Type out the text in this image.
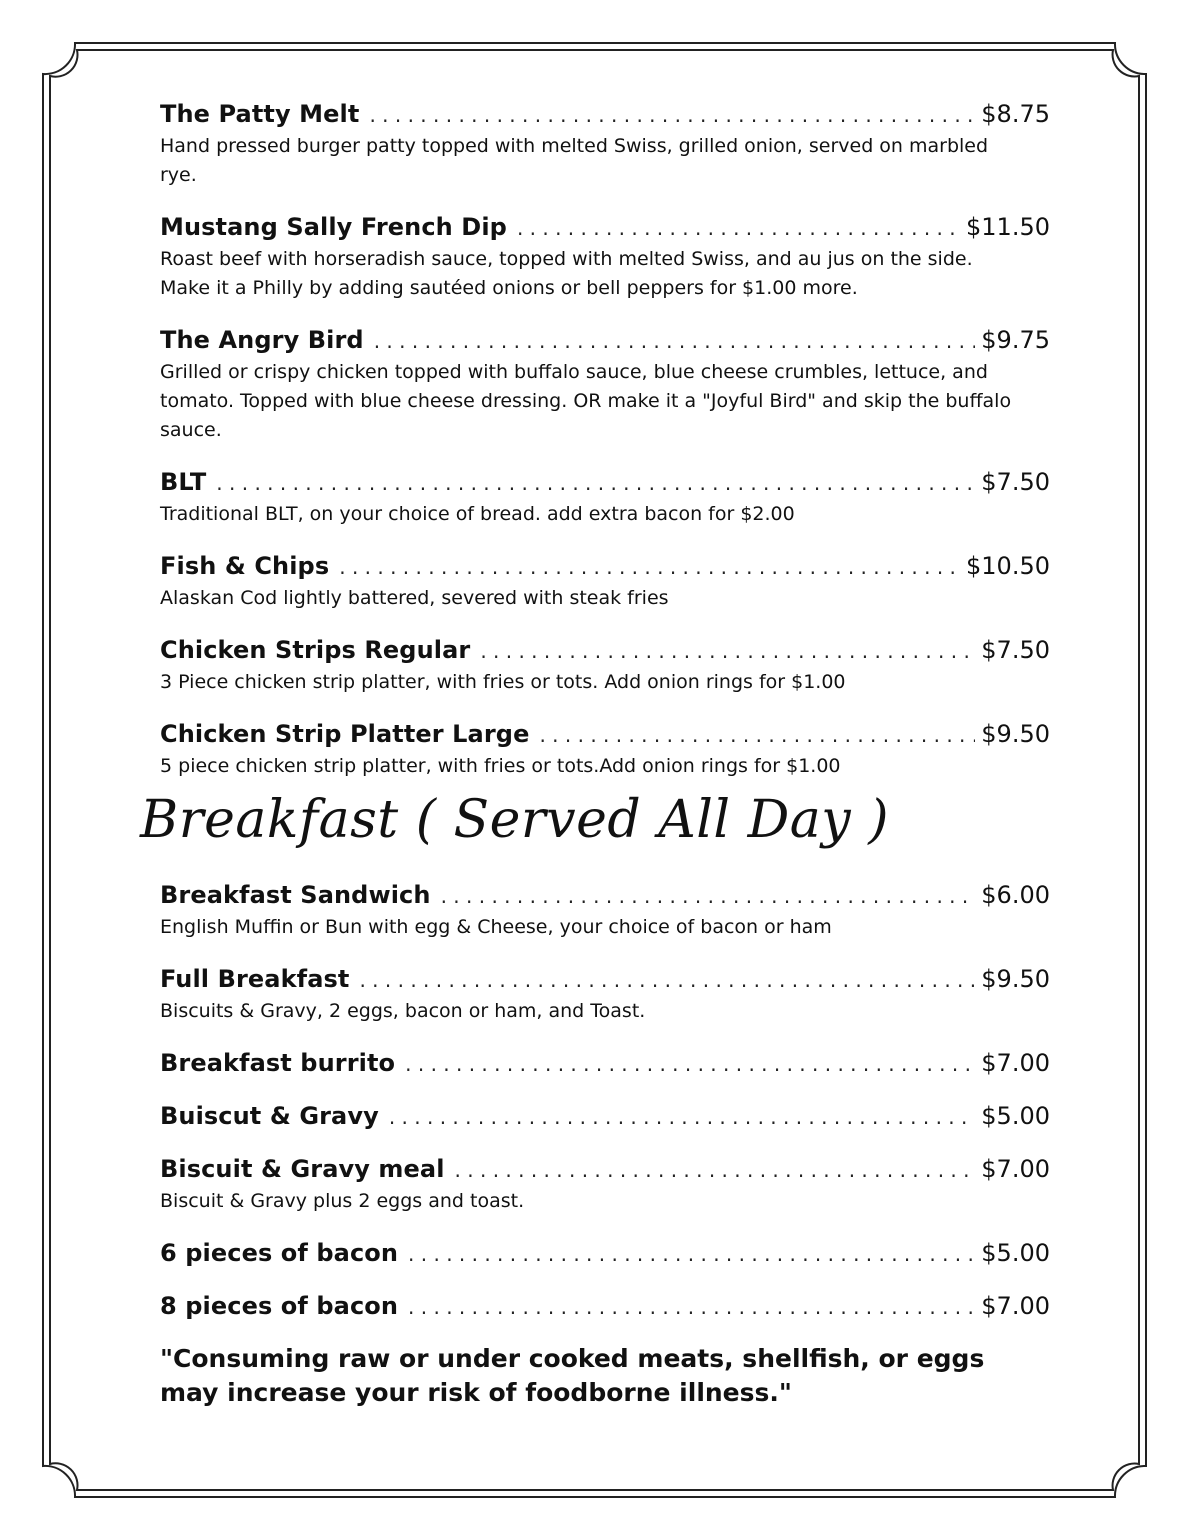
The Patty Melt . . .	$8.75
Hand pressed burger patty topped with melted Swiss, grilled onion, served on marbled rye.
Mustang Sally French Dip . . .	$11.50
Roast beef with horseradish sauce, topped with melted Swiss, and au jus on the side. Make it a Philly by adding sautéed onions or bell peppers for $1.00 more.
The Angry Bird . . .	$9.75
Grilled or crispy chicken topped with buffalo sauce, blue cheese crumbles, lettuce, and tomato. Topped with blue cheese dressing. OR make it a "Joyful Bird" and skip the buffalo sauce.
BLT . . .	$7.50
Traditional BLT, on your choice of bread. add extra bacon for $2.00
Fish & Chips . . .	$10.50
Alaskan Cod lightly battered, severed with steak fries
Chicken Strips Regular . . .	$7.50
3 Piece chicken strip platter, with fries or tots. Add onion rings for $1.00
Chicken Strip Platter Large . . .	$9.50
5 piece chicken strip platter, with fries or tots.Add onion rings for $1.00
Breakfast ( Served All Day )
Breakfast Sandwich . . .	$6.00
English Muffin or Bun with egg & Cheese, your choice of bacon or ham
Full Breakfast . . .	$9.50
Biscuits & Gravy, 2 eggs, bacon or ham, and Toast.
Breakfast burrito . . .	$7.00
Buiscut & Gravy . . .	$5.00
Biscuit & Gravy meal . . .	$7.00
Biscuit & Gravy plus 2 eggs and toast.
6 pieces of bacon . . .	$5.00
8 pieces of bacon . . .	$7.00
"Consuming raw or under cooked meats, shellfish, or eggs may increase your risk of foodborne illness."
